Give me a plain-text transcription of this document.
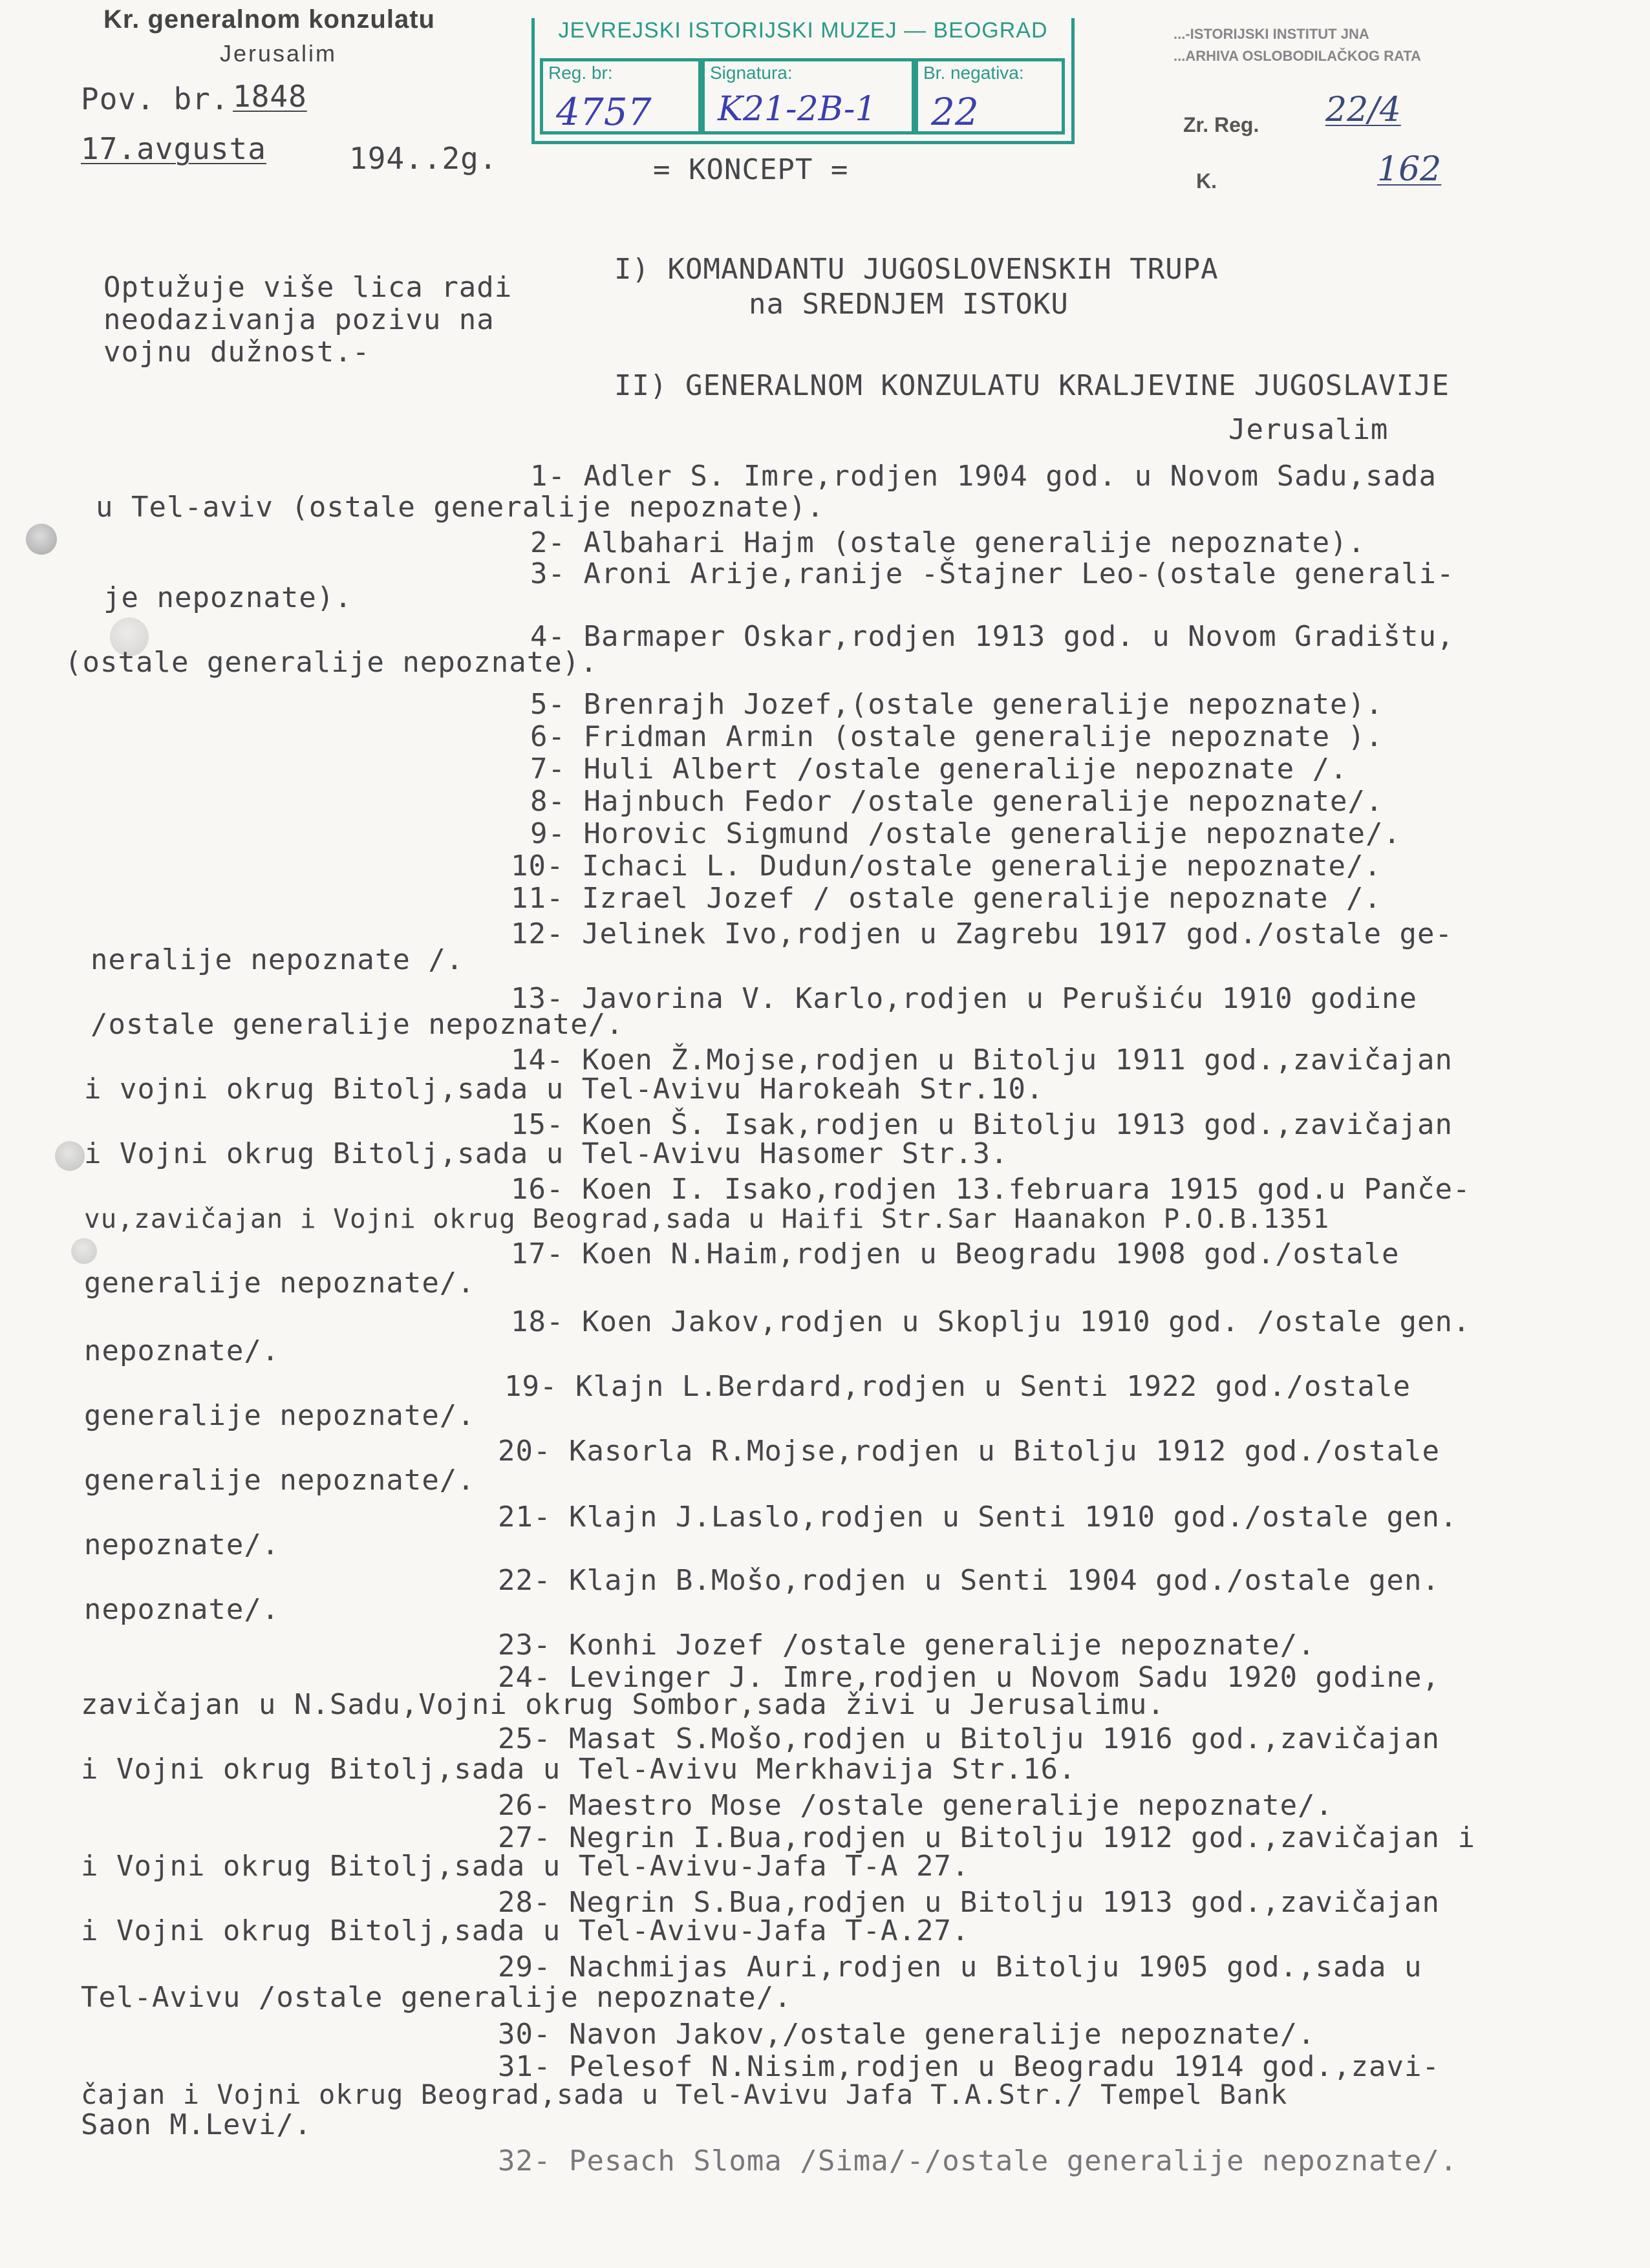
Kr. generalnom konzulatu
Jerusalim
Pov. br. 1848
17.avgusta	194..2g.	= KONCEPT =
JEVREJSKI ISTORIJSKI MUZEJ — BEOGRAD
Reg. br:
4757
Signatura:
K21-2B-1
Br. negativa:
22
...-ISTORIJSKI INSTITUT JNA
...ARHIVA OSLOBODILAČKOG RATA
Zr. Reg. 22/4
K.	162
Optužuje više lica radi
neodazivanja pozivu na
vojnu dužnost.-
I) KOMANDANTU JUGOSLOVENSKIH TRUPA
na SREDNJEM ISTOKU
II) GENERALNOM KONZULATU KRALJEVINE JUGOSLAVIJE
Jerusalim
1- Adler S. Imre,rodjen 1904 god. u Novom Sadu,sada
u Tel-aviv (ostale generalije nepoznate).
2- Albahari Hajm (ostale generalije nepoznate).
3- Aroni Arije,ranije -Štajner Leo-(ostale generali-
je nepoznate).
4- Barmaper Oskar,rodjen 1913 god. u Novom Gradištu,
(ostale generalije nepoznate).
5- Brenrajh Jozef,(ostale generalije nepoznate).
6- Fridman Armin (ostale generalije nepoznate ).
7- Huli Albert /ostale generalije nepoznate /.
8- Hajnbuch Fedor /ostale generalije nepoznate/.
9- Horovic Sigmund /ostale generalije nepoznate/.
10- Ichaci L. Dudun/ostale generalije nepoznate/.
11- Izrael Jozef / ostale generalije nepoznate /.
12- Jelinek Ivo,rodjen u Zagrebu 1917 god./ostale ge-
neralije nepoznate /.
13- Javorina V. Karlo,rodjen u Perušiću 1910 godine
/ostale generalije nepoznate/.
14- Koen Ž.Mojse,rodjen u Bitolju 1911 god.,zavičajan
i vojni okrug Bitolj,sada u Tel-Avivu Harokeah Str.10.
15- Koen Š. Isak,rodjen u Bitolju 1913 god.,zavičajan
i Vojni okrug Bitolj,sada u Tel-Avivu Hasomer Str.3.
16- Koen I. Isako,rodjen 13.februara 1915 god.u Pančе-
vu,zavičajan i Vojni okrug Beograd,sada u Haifi Str.Sar Haanakon P.O.B.1351
17- Koen N.Haim,rodjen u Beogradu 1908 god./ostale
generalije nepoznate/.
18- Koen Jakov,rodjen u Skoplju 1910 god. /ostale gen.
nepoznate/.
19- Klajn L.Berdard,rodjen u Senti 1922 god./ostale
generalije nepoznate/.
20- Kasorla R.Mojse,rodjen u Bitolju 1912 god./ostale
generalije nepoznate/.
21- Klajn J.Laslo,rodjen u Senti 1910 god./ostale gen.
nepoznate/.
22- Klajn B.Mošo,rodjen u Senti 1904 god./ostale gen.
nepoznate/.
23- Konhi Jozef /ostale generalije nepoznate/.
24- Levinger J. Imre,rodjen u Novom Sadu 1920 godine,
zavičajan u N.Sadu,Vojni okrug Sombor,sada živi u Jerusalimu.
25- Masat S.Mošo,rodjen u Bitolju 1916 god.,zavičajan
i Vojni okrug Bitolj,sada u Tel-Avivu Merkhavija Str.16.
26- Maestro Mose /ostale generalije nepoznate/.
27- Negrin I.Bua,rodjen u Bitolju 1912 god.,zavičajan i
i Vojni okrug Bitolj,sada u Tel-Avivu-Jafa T-A 27.
28- Negrin S.Bua,rodjen u Bitolju 1913 god.,zavičajan
i Vojni okrug Bitolj,sada u Tel-Avivu-Jafa T-A.27.
29- Nachmijas Auri,rodjen u Bitolju 1905 god.,sada u
Tel-Avivu /ostale generalije nepoznate/.
30- Navon Jakov,/ostale generalije nepoznate/.
31- Pelesof N.Nisim,rodjen u Beogradu 1914 god.,zavi-
čajan i Vojni okrug Beograd,sada u Tel-Avivu Jafa T.A.Str./ Tempel Bank
Saon M.Levi/.
32- Pesach Sloma /Sima/-/ostale generalije nepoznate/.
